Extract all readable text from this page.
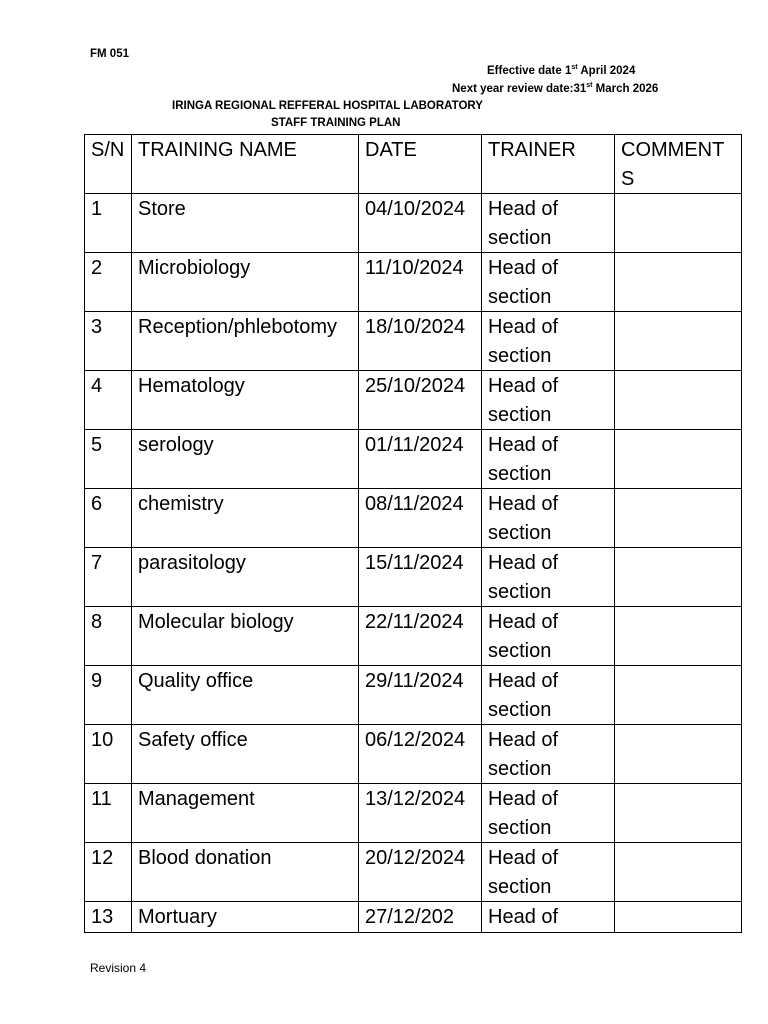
FM 051
Effective date 1st April 2024
Next year review date:31st March 2026
IRINGA REGIONAL REFFERAL HOSPITAL LABORATORY
STAFF TRAINING PLAN
S/N	TRAINING NAME	DATE	TRAINER	COMMENTS
1	Store	04/10/2024	Head of section	
2	Microbiology	11/10/2024	Head of section	
3	Reception/phlebotomy	18/10/2024	Head of section	
4	Hematology	25/10/2024	Head of section	
5	serology	01/11/2024	Head of section	
6	chemistry	08/11/2024	Head of section	
7	parasitology	15/11/2024	Head of section	
8	Molecular biology	22/11/2024	Head of section	
9	Quality office	29/11/2024	Head of section	
10	Safety office	06/12/2024	Head of section	
11	Management	13/12/2024	Head of section	
12	Blood donation	20/12/2024	Head of section	
13	Mortuary	27/12/202	Head of	
Revision 4
